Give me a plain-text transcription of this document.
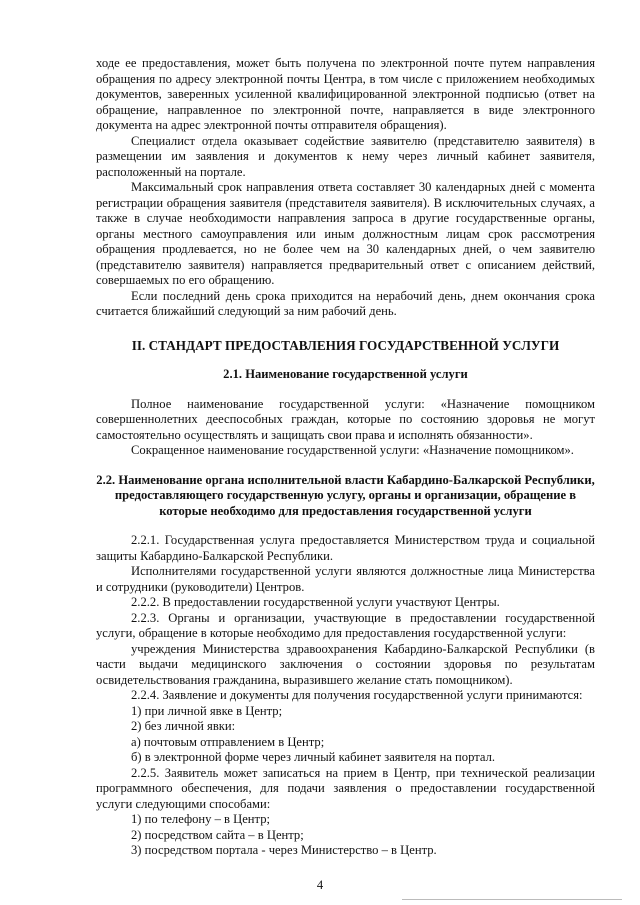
ходе ее предоставления, может быть получена по электронной почте путем направления обращения по адресу электронной почты Центра, в том числе с приложением необходимых документов, заверенных усиленной квалифицированной электронной подписью (ответ на обращение, направленное по электронной почте, направляется в виде электронного документа на адрес электронной почты отправителя обращения).

Специалист отдела оказывает содействие заявителю (представителю заявителя) в размещении им заявления и документов к нему через личный кабинет заявителя, расположенный на портале.

Максимальный срок направления ответа составляет 30 календарных дней с момента регистрации обращения заявителя (представителя заявителя). В исключительных случаях, а также в случае необходимости направления запроса в другие государственные органы, органы местного самоуправления или иным должностным лицам срок рассмотрения обращения продлевается, но не более чем на 30 календарных дней, о чем заявителю (представителю заявителя) направляется предварительный ответ с описанием действий, совершаемых по его обращению.

Если последний день срока приходится на нерабочий день, днем окончания срока считается ближайший следующий за ним рабочий день.

II. СТАНДАРТ ПРЕДОСТАВЛЕНИЯ ГОСУДАРСТВЕННОЙ УСЛУГИ
2.1. Наименование государственной услуги

Полное наименование государственной услуги: «Назначение помощником совершеннолетних дееспособных граждан, которые по состоянию здоровья не могут самостоятельно осуществлять и защищать свои права и исполнять обязанности».

Сокращенное наименование государственной услуги: «Назначение помощником».

2.2. Наименование органа исполнительной власти Кабардино-Балкарской Республики, предоставляющего государственную услугу, органы и организации, обращение в которые необходимо для предоставления государственной услуги

2.2.1. Государственная услуга предоставляется Министерством труда и социальной защиты Кабардино-Балкарской Республики.

Исполнителями государственной услуги являются должностные лица Министерства и сотрудники (руководители) Центров.

2.2.2. В предоставлении государственной услуги участвуют Центры.

2.2.3. Органы и организации, участвующие в предоставлении государственной услуги, обращение в которые необходимо для предоставления государственной услуги:

учреждения Министерства здравоохранения Кабардино-Балкарской Республики (в части выдачи медицинского заключения о состоянии здоровья по результатам освидетельствования гражданина, выразившего желание стать помощником).

2.2.4. Заявление и документы для получения государственной услуги принимаются:

1) при личной явке в Центр;

2) без личной явки:

а) почтовым отправлением в Центр;

б) в электронной форме через личный кабинет заявителя на портал.

2.2.5. Заявитель может записаться на прием в Центр, при технической реализации программного обеспечения, для подачи заявления о предоставлении государственной услуги следующими способами:

1) по телефону – в Центр;

2) посредством сайта – в Центр;

3) посредством портала - через Министерство – в Центр.

4
